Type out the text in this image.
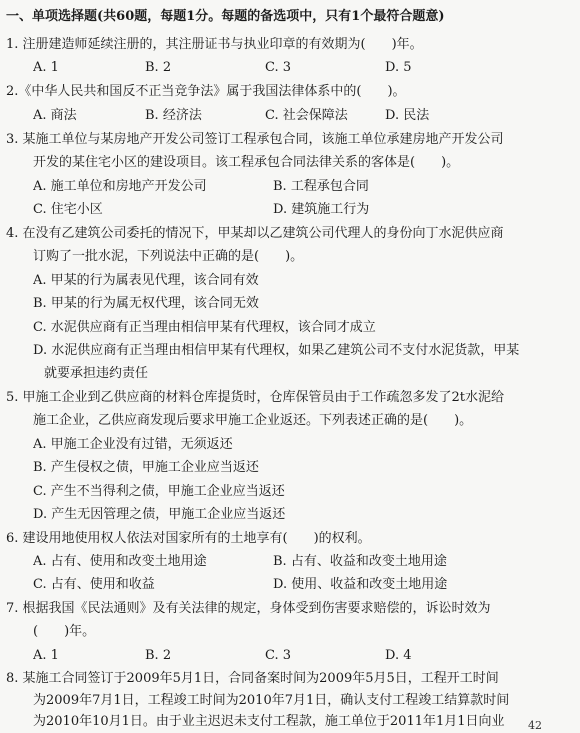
一、单项选择题(共60题，每题1分。每题的备选项中，只有1个最符合题意)
1. 注册建造师延续注册的，其注册证书与执业印章的有效期为(　　)年。
A. 1	B. 2	C. 3	D. 5
2.《中华人民共和国反不正当竞争法》属于我国法律体系中的(　　)。
A. 商法	B. 经济法	C. 社会保障法	D. 民法
3. 某施工单位与某房地产开发公司签订工程承包合同，该施工单位承建房地产开发公司
开发的某住宅小区的建设项目。该工程承包合同法律关系的客体是(　　)。
A. 施工单位和房地产开发公司	B. 工程承包合同
C. 住宅小区	D. 建筑施工行为
4. 在没有乙建筑公司委托的情况下，甲某却以乙建筑公司代理人的身份向丁水泥供应商
订购了一批水泥，下列说法中正确的是(　　)。
A. 甲某的行为属表见代理，该合同有效
B. 甲某的行为属无权代理，该合同无效
C. 水泥供应商有正当理由相信甲某有代理权，该合同才成立
D. 水泥供应商有正当理由相信甲某有代理权，如果乙建筑公司不支付水泥货款，甲某
就要承担违约责任
5. 甲施工企业到乙供应商的材料仓库提货时，仓库保管员由于工作疏忽多发了2t水泥给
施工企业，乙供应商发现后要求甲施工企业返还。下列表述正确的是(　　)。
A. 甲施工企业没有过错，无须返还
B. 产生侵权之债，甲施工企业应当返还
C. 产生不当得利之债，甲施工企业应当返还
D. 产生无因管理之债，甲施工企业应当返还
6. 建设用地使用权人依法对国家所有的土地享有(　　)的权利。
A. 占有、使用和改变土地用途	B. 占有、收益和改变土地用途
C. 占有、使用和收益	D. 使用、收益和改变土地用途
7. 根据我国《民法通则》及有关法律的规定，身体受到伤害要求赔偿的，诉讼时效为
(　　)年。
A. 1	B. 2	C. 3	D. 4
8. 某施工合同签订于2009年5月1日，合同备案时间为2009年5月5日，工程开工时间
为2009年7月1日，工程竣工时间为2010年7月1日，确认支付工程竣工结算款时间
为2010年10月1日。由于业主迟迟未支付工程款，施工单位于2011年1月1日向业	42
